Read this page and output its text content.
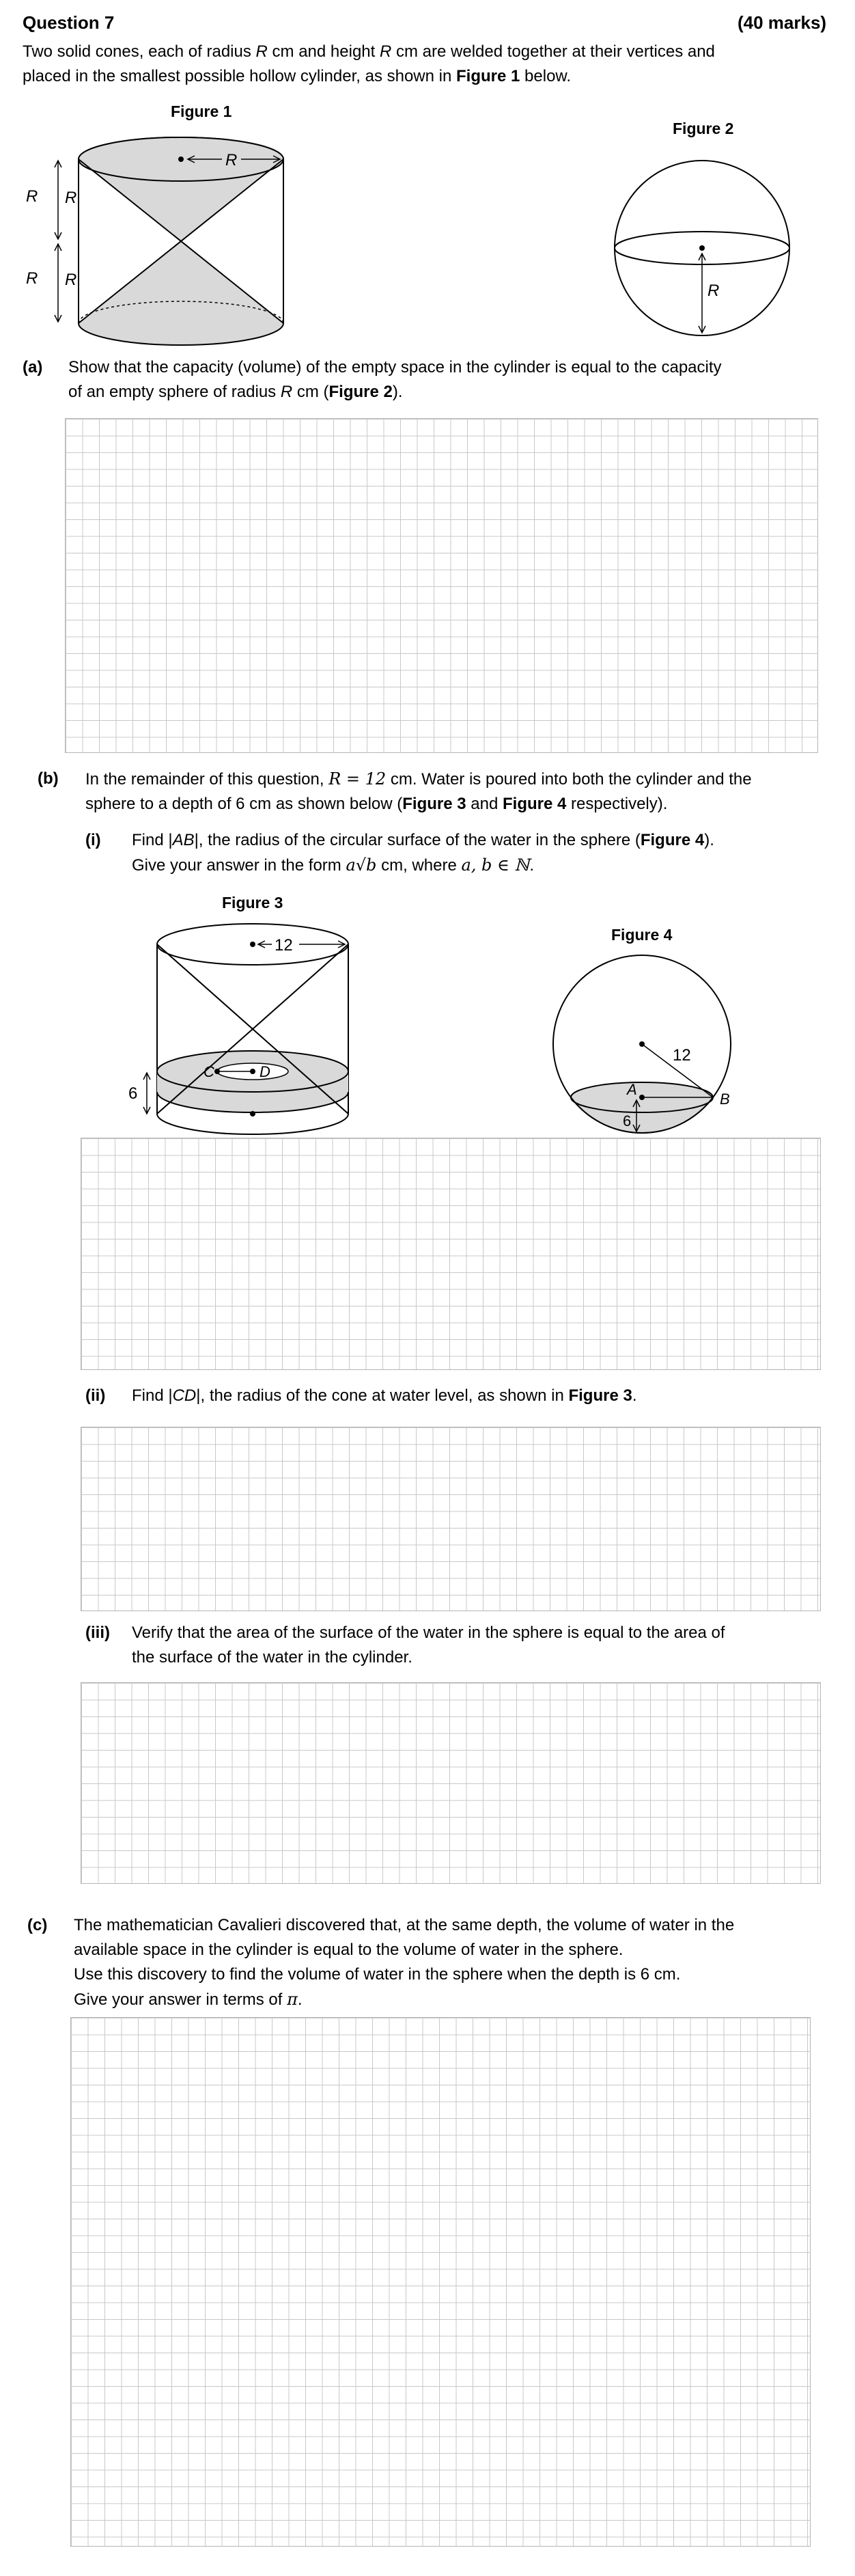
Question 7	(40 marks)
Two solid cones, each of radius R cm and height R cm are welded together at their vertices and
placed in the smallest possible hollow cylinder, as shown in Figure 1 below.
Figure 1
R
R
R
R
R
Figure 2
R
(a) Show that the capacity (volume) of the empty space in the cylinder is equal to the capacity
of an empty sphere of radius R cm (Figure 2).
(b) In the remainder of this question, R = 12 cm. Water is poured into both the cylinder and the
sphere to a depth of 6 cm as shown below (Figure 3 and Figure 4 respectively).
(i) Find |AB|, the radius of the circular surface of the water in the sphere (Figure 4).
Give your answer in the form a√b cm, where a, b ∈ ℕ.
Figure 3
12
C	D
6
Figure 4
12
A
B
6
(ii) Find |CD|, the radius of the cone at water level, as shown in Figure 3.
(iii) Verify that the area of the surface of the water in the sphere is equal to the area of
the surface of the water in the cylinder.
(c) The mathematician Cavalieri discovered that, at the same depth, the volume of water in the
available space in the cylinder is equal to the volume of water in the sphere.
Use this discovery to find the volume of water in the sphere when the depth is 6 cm.
Give your answer in terms of π.
